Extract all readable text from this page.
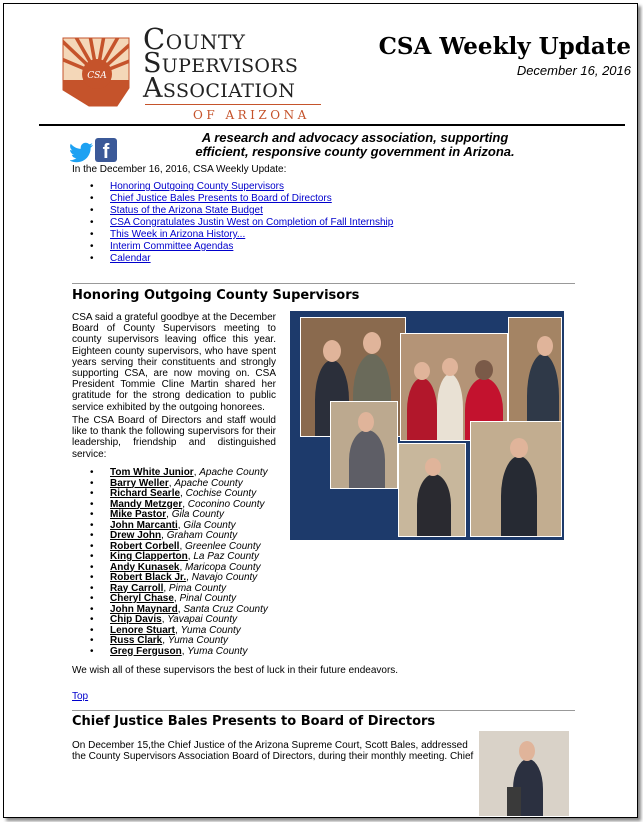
CSA
County
Supervisors
Association
OF ARIZONA
CSA Weekly Update
December 16, 2016
f
A research and advocacy association, supporting
efficient, responsive county government in Arizona.
In the December 16, 2016, CSA Weekly Update:
• Honoring Outgoing County Supervisors
• Chief Justice Bales Presents to Board of Directors
• Status of the Arizona State Budget
• CSA Congratulates Justin West on Completion of Fall Internship
• This Week in Arizona History...
• Interim Committee Agendas
• Calendar
Honoring Outgoing County Supervisors
CSA said a grateful goodbye at the December Board of County Supervisors meeting to county supervisors leaving office this year. Eighteen county supervisors, who have spent years serving their constituents and strongly supporting CSA, are now moving on. CSA President Tommie Cline Martin shared her gratitude for the strong dedication to public service exhibited by the outgoing honorees.
The CSA Board of Directors and staff would like to thank the following supervisors for their leadership, friendship and distinguished service:
• Tom White Junior, Apache County
• Barry Weller, Apache County
• Richard Searle, Cochise County
• Mandy Metzger, Coconino County
• Mike Pastor, Gila County
• John Marcanti, Gila County
• Drew John, Graham County
• Robert Corbell, Greenlee County
• King Clapperton, La Paz County
• Andy Kunasek, Maricopa County
• Robert Black Jr., Navajo County
• Ray Carroll, Pima County
• Cheryl Chase, Pinal County
• John Maynard, Santa Cruz County
• Chip Davis, Yavapai County
• Lenore Stuart, Yuma County
• Russ Clark, Yuma County
• Greg Ferguson, Yuma County
We wish all of these supervisors the best of luck in their future endeavors.
Top
Chief Justice Bales Presents to Board of Directors
On December 15,the Chief Justice of the Arizona Supreme Court, Scott Bales, addressed
the County Supervisors Association Board of Directors, during their monthly meeting. Chief
